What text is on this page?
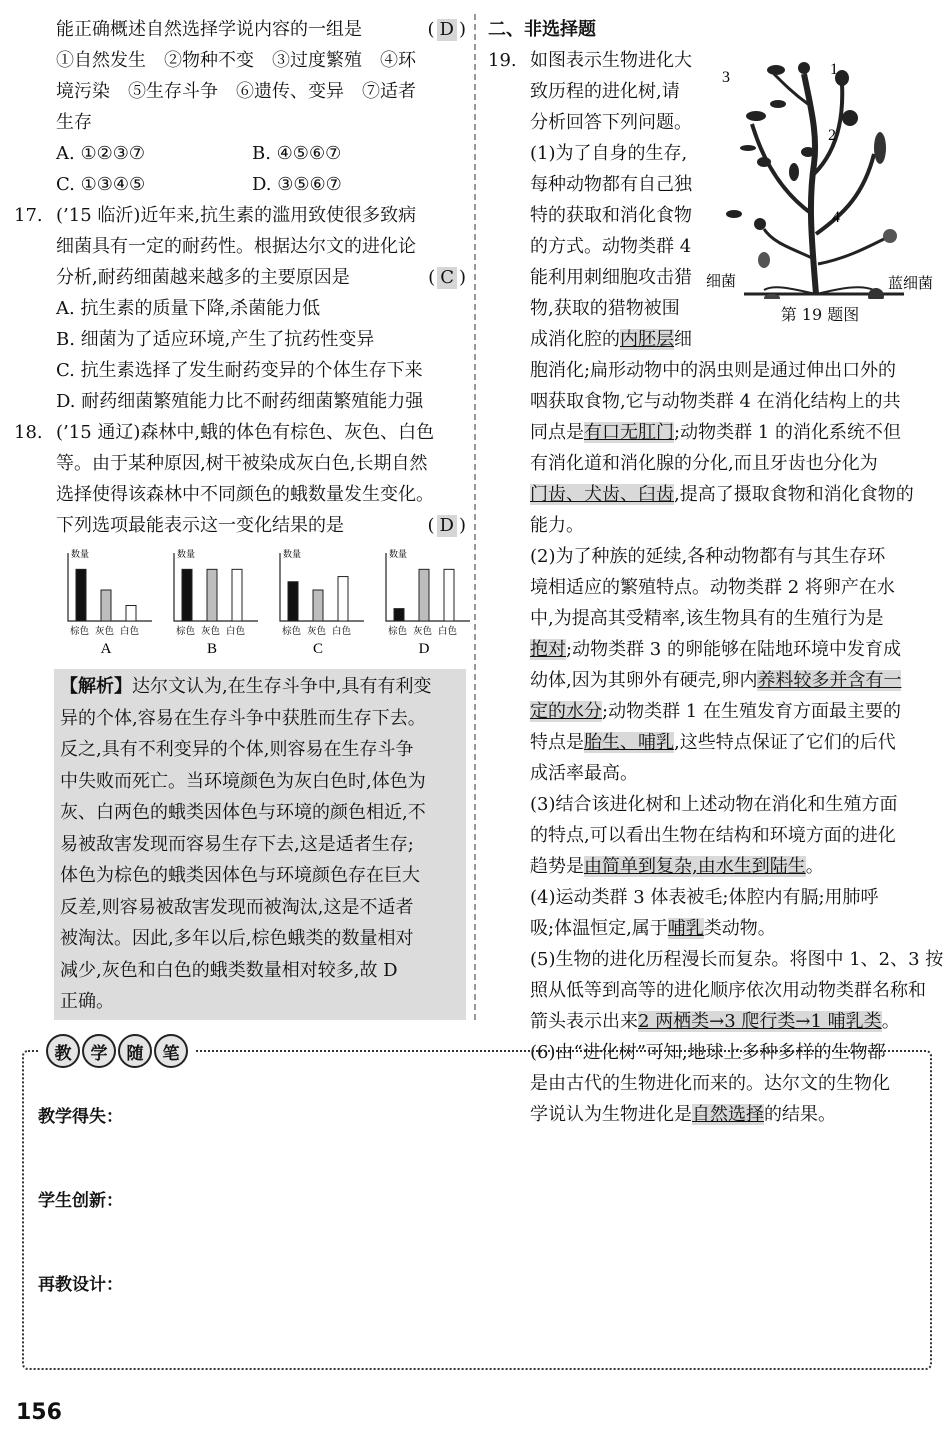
能正确概述自然选择学说内容的一组是	( D )
①自然发生　②物种不变　③过度繁殖　④环
境污染　⑤生存斗争　⑥遗传、变异　⑦适者
生存
A. ①②③⑦	B. ④⑤⑥⑦
C. ①③④⑤	D. ③⑤⑥⑦
17. (’15 临沂)近年来,抗生素的滥用致使很多致病
细菌具有一定的耐药性。根据达尔文的进化论
分析,耐药细菌越来越多的主要原因是	( C )
A. 抗生素的质量下降,杀菌能力低
B. 细菌为了适应环境,产生了抗药性变异
C. 抗生素选择了发生耐药变异的个体生存下来
D. 耐药细菌繁殖能力比不耐药细菌繁殖能力强
18. (’15 通辽)森林中,蛾的体色有棕色、灰色、白色
等。由于某种原因,树干被染成灰白色,长期自然
选择使得该森林中不同颜色的蛾数量发生变化。
下列选项最能表示这一变化结果的是	( D )
数量
棕色 灰色 白色
A
数量
棕色 灰色 白色
B
数量
棕色 灰色 白色
C
数量
棕色 灰色 白色
D
【解析】达尔文认为,在生存斗争中,具有有利变
异的个体,容易在生存斗争中获胜而生存下去。
反之,具有不利变异的个体,则容易在生存斗争
中失败而死亡。当环境颜色为灰白色时,体色为
灰、白两色的蛾类因体色与环境的颜色相近,不
易被敌害发现而容易生存下去,这是适者生存;
体色为棕色的蛾类因体色与环境颜色存在巨大
反差,则容易被敌害发现而被淘汰,这是不适者
被淘汰。因此,多年以后,棕色蛾类的数量相对
减少,灰色和白色的蛾类数量相对较多,故 D
正确。
二、非选择题
1
2
3
4
细菌	蓝细菌
第 19 题图
19. 如图表示生物进化大
致历程的进化树,请
分析回答下列问题。
(1)为了自身的生存,
每种动物都有自己独
特的获取和消化食物
的方式。动物类群 4
能利用刺细胞攻击猎
物,获取的猎物被围
成消化腔的内胚层细
胞消化;扁形动物中的涡虫则是通过伸出口外的
咽获取食物,它与动物类群 4 在消化结构上的共
同点是有口无肛门;动物类群 1 的消化系统不但
有消化道和消化腺的分化,而且牙齿也分化为
门齿、犬齿、臼齿,提高了摄取食物和消化食物的
能力。
(2)为了种族的延续,各种动物都有与其生存环
境相适应的繁殖特点。动物类群 2 将卵产在水
中,为提高其受精率,该生物具有的生殖行为是
抱对;动物类群 3 的卵能够在陆地环境中发育成
幼体,因为其卵外有硬壳,卵内养料较多并含有一
定的水分;动物类群 1 在生殖发育方面最主要的
特点是胎生、哺乳,这些特点保证了它们的后代
成活率最高。
(3)结合该进化树和上述动物在消化和生殖方面
的特点,可以看出生物在结构和环境方面的进化
趋势是由简单到复杂,由水生到陆生。
(4)运动类群 3 体表被毛;体腔内有膈;用肺呼
吸;体温恒定,属于哺乳类动物。
(5)生物的进化历程漫长而复杂。将图中 1、2、3 按
照从低等到高等的进化顺序依次用动物类群名称和
箭头表示出来2 两栖类→3 爬行类→1 哺乳类。
(6)由“进化树”可知,地球上多种多样的生物都
是由古代的生物进化而来的。达尔文的生物化
学说认为生物进化是自然选择的结果。
教	学	随	笔
教学得失：
学生创新：
再教设计：
156
